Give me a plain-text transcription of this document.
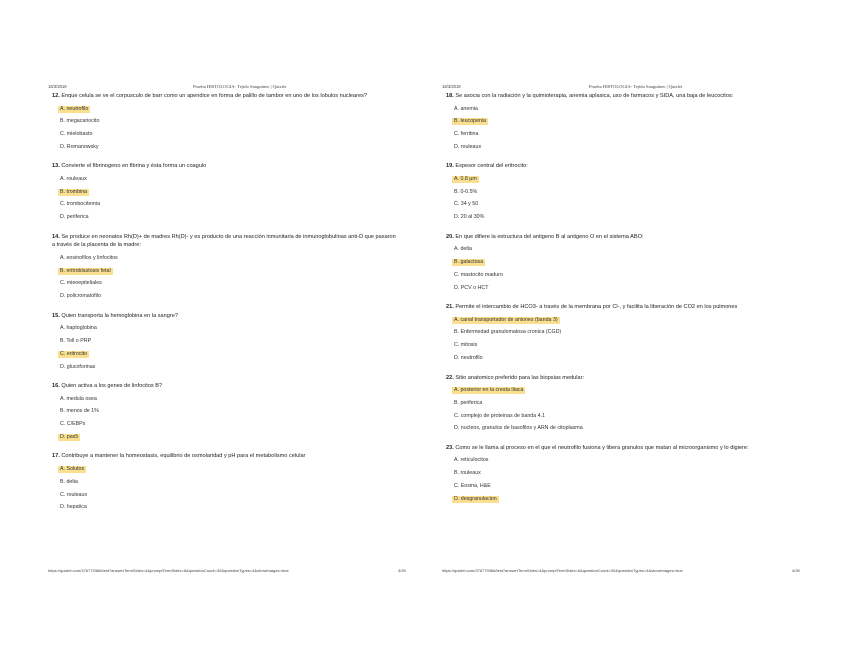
16/3/2019	Prueba HISTOLOGIA- Tejido Sanguíneo | Quizlet
12. Enque celula se ve el corpusculo de barr como un apendice en forma de palillo de tambor en uno de los lobulos nucleares?
A. neutrofilo
B. megacariocito
C. mielobasto
D. Romanowsky
13. Convierte el fibrinogeno en fibrina y ésta forma un coagulo
A. rouleaux
B. trombina
C. trombocitemia
D. periferica
14. Se produce en neonatos Rh(D)+ de madres Rh(D)- y es producto de una reacción inmunitaria de inmunoglobulinas anti-D que pasaron a través de la placenta de la madre:
A. eosinofilos y linfocitos
B. eritroblastosis fetal
C. mieoepiteliales
D. policromatofilo
15. Quien transporta la hemoglobina en la sangre?
A. haptoglobina
B. Toll o PRP
C. eritrocito
D. glucoforinas
16. Quien activa a los genes de linfocitos B?
A. medula osea
B. menos de 1%
C. C/EBPs
D. pax5
17. Contribuye a mantener la homeostasis, equilibrio de osmolaridad y pH para el metabolismo celular
A. Solutos
B. delta
C. rouleaux
D. hepatica
https://quizlet.com/376779366/test?answerTermSides=4&promptTermSides=6&questionCount=30&questionTypes=4&showImages=true	3/39
16/3/2019	Prueba HISTOLOGIA- Tejido Sanguíneo | Quizlet
18. Se asocia con la radiación y la quimioterapia, anemia aplasica, uso de farmacos y SIDA, una baja de leucocitos:
A. anemia
B. leucopenia
C. ferritina
D. rouleaux
19. Espesor central del eritrocito:
A. 0.8 µm
B. 0-0.5%
C. 34 y 50
D. 20 al 30%
20. En que difiere la estructura del antigeno B al antigeno O en el sistema ABO:
A. delta
B. galactosa
C. mastocito maduro
D. PCV o HCT
21. Permite el intercambio de HCO3- a través de la membrana por Cl-, y facilita la liberación de CO2 en los pulmones
A. canal transportador de aniones (banda 3)
B. Enfermedad granulomatosa cronica (CGD)
C. mitosis
D. neutrofilo
22. Sitio anatomico preferido para las biopsias medular:
A. posterior en la cresta iliaca
B. periferica
C. complejo de proteinas de banda 4.1
D. nucleos, granulos de basofilos y ARN de citoplasma
23. Como se le llama al proceso en el que el neutrofilo fusiona y libera granulos que matan al microorganismo y lo digiere:
A. reticulocitos
B. rouleaux
C. Eosina, H&E
D. desgranulacion
https://quizlet.com/376779366/test?answerTermSides=4&promptTermSides=6&questionCount=30&questionTypes=4&showImages=true	4/39
